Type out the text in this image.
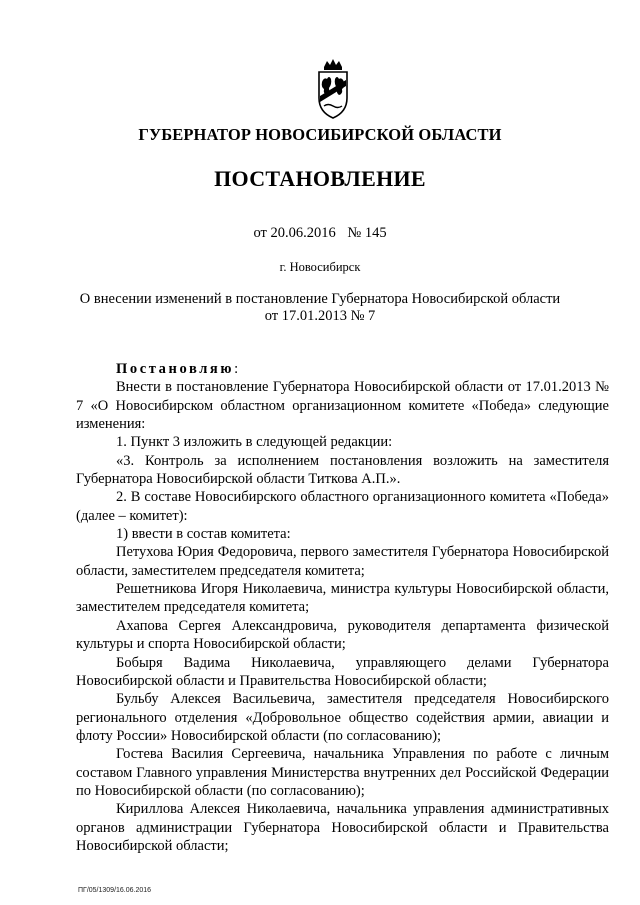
ГУБЕРНАТОР НОВОСИБИРСКОЙ ОБЛАСТИ
ПОСТАНОВЛЕНИЕ
от 20.06.2016 № 145
г. Новосибирск
О внесении изменений в постановление Губернатора Новосибирской области
от 17.01.2013 № 7

Постановляю:

Внести в постановление Губернатора Новосибирской области от 17.01.2013 № 7 «О Новосибирском областном организационном комитете «Победа» следующие изменения:

1. Пункт 3 изложить в следующей редакции:

«3. Контроль за исполнением постановления возложить на заместителя Губернатора Новосибирской области Титкова А.П.».

2. В составе Новосибирского областного организационного комитета «Победа» (далее – комитет):

1) ввести в состав комитета:

Петухова Юрия Федоровича, первого заместителя Губернатора Новосибирской области, заместителем председателя комитета;

Решетникова Игоря Николаевича, министра культуры Новосибирской области, заместителем председателя комитета;

Ахапова Сергея Александровича, руководителя департамента физической культуры и спорта Новосибирской области;

Бобыря Вадима Николаевича, управляющего делами Губернатора Новосибирской области и Правительства Новосибирской области;

Бульбу Алексея Васильевича, заместителя председателя Новосибирского регионального отделения «Добровольное общество содействия армии, авиации и флоту России» Новосибирской области (по согласованию);

Гостева Василия Сергеевича, начальника Управления по работе с личным составом Главного управления Министерства внутренних дел Российской Федерации по Новосибирской области (по согласованию);

Кириллова Алексея Николаевича, начальника управления административных органов администрации Губернатора Новосибирской области и Правительства Новосибирской области;

ПГ/05/1309/16.06.2016
